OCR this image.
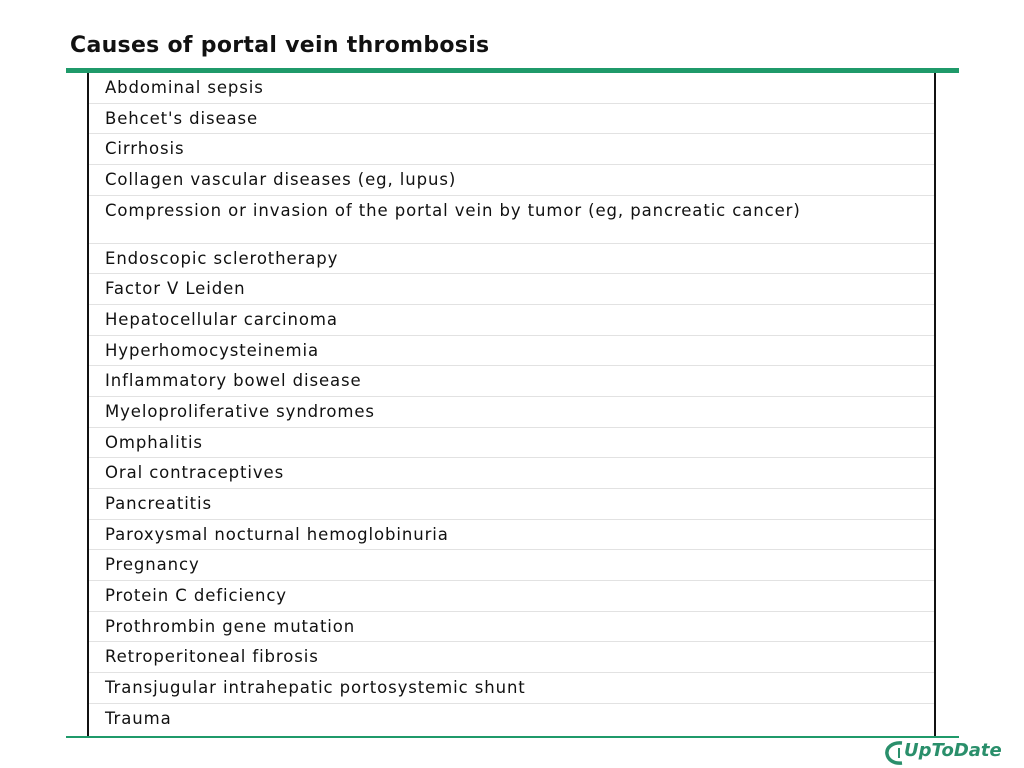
Causes of portal vein thrombosis
Abdominal sepsis
Behcet's disease
Cirrhosis
Collagen vascular diseases (eg, lupus)
Compression or invasion of the portal vein by tumor (eg, pancreatic cancer)
Endoscopic sclerotherapy
Factor V Leiden
Hepatocellular carcinoma
Hyperhomocysteinemia
Inflammatory bowel disease
Myeloproliferative syndromes
Omphalitis
Oral contraceptives
Pancreatitis
Paroxysmal nocturnal hemoglobinuria
Pregnancy
Protein C deficiency
Prothrombin gene mutation
Retroperitoneal fibrosis
Transjugular intrahepatic portosystemic shunt
Trauma
UpToDate
